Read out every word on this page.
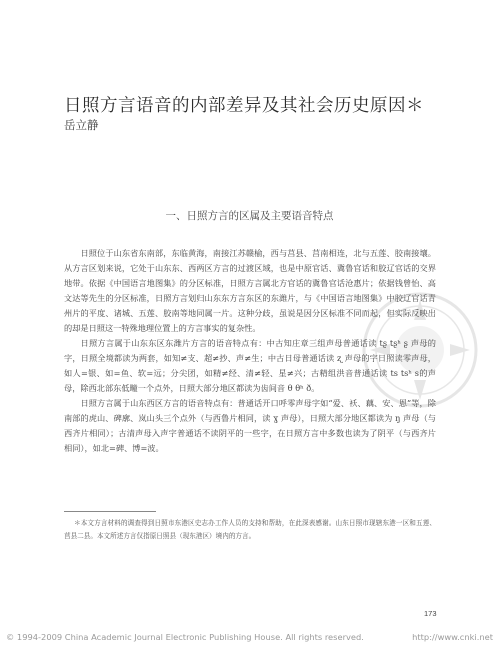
日照方言语音的内部差异及其社会历史原因＊
岳立静
一、日照方言的区属及主要语音特点

日照位于山东省东南部，东临黄海，南接江苏赣榆，西与莒县、莒南相连，北与五莲、胶南接壤。从方言区划来说，它处于山东东、西两区方言的过渡区域，也是中原官话、冀鲁官话和胶辽官话的交界地带。依据《中国语言地图集》的分区标准，日照方言属北方官话的冀鲁官话沧惠片；依据钱曾怡、高文达等先生的分区标准，日照方言划归山东东方言东区的东潍片，与《中国语言地图集》中胶辽官话青州片的平度、诸城、五莲、胶南等地同属一片。这种分歧，虽说是因分区标准不同而起，但实际反映出的却是日照这一特殊地理位置上的方言事实的复杂性。

日照方言属于山东东区东潍片方言的语音特点有：中古知庄章三组声母普通话读 tʂ tʂʰ ʂ 声母的字，日照全境都读为两套，如知≠支、超≠抄、声≠生；中古日母普通话读 ʐ 声母的字日照读零声母，如人=银、如=鱼、软=远；分尖团，如精≠经、清≠轻、星≠兴；古精组洪音普通话读 ts tsʰ s的声母，除西北部东低疃一个点外，日照大部分地区都读为齿间音 θ θʰ ð。

日照方言属于山东西区方言的语音特点有：普通话开口呼零声母字如“爱、袄、藕、安、恩”等，除南部的虎山、碑廓、岚山头三个点外（与西鲁片相同，读 ɣ 声母），日照大部分地区都读为 ŋ 声母（与西齐片相同）；古清声母入声字普通话不读阴平的一些字，在日照方言中多数也读为了阴平（与西齐片相同），如北=碑、博=波。

＊本文方言材料的调查得到日照市东港区史志办工作人员的支持和帮助，在此深表感谢。山东日照市现辖东港一区和五莲、莒县二县。本文所述方言仅指原日照县（现东港区）境内的方言。

173
© 1994-2009 China Academic Journal Electronic Publishing House. All rights reserved.	http://www.cnki.net
